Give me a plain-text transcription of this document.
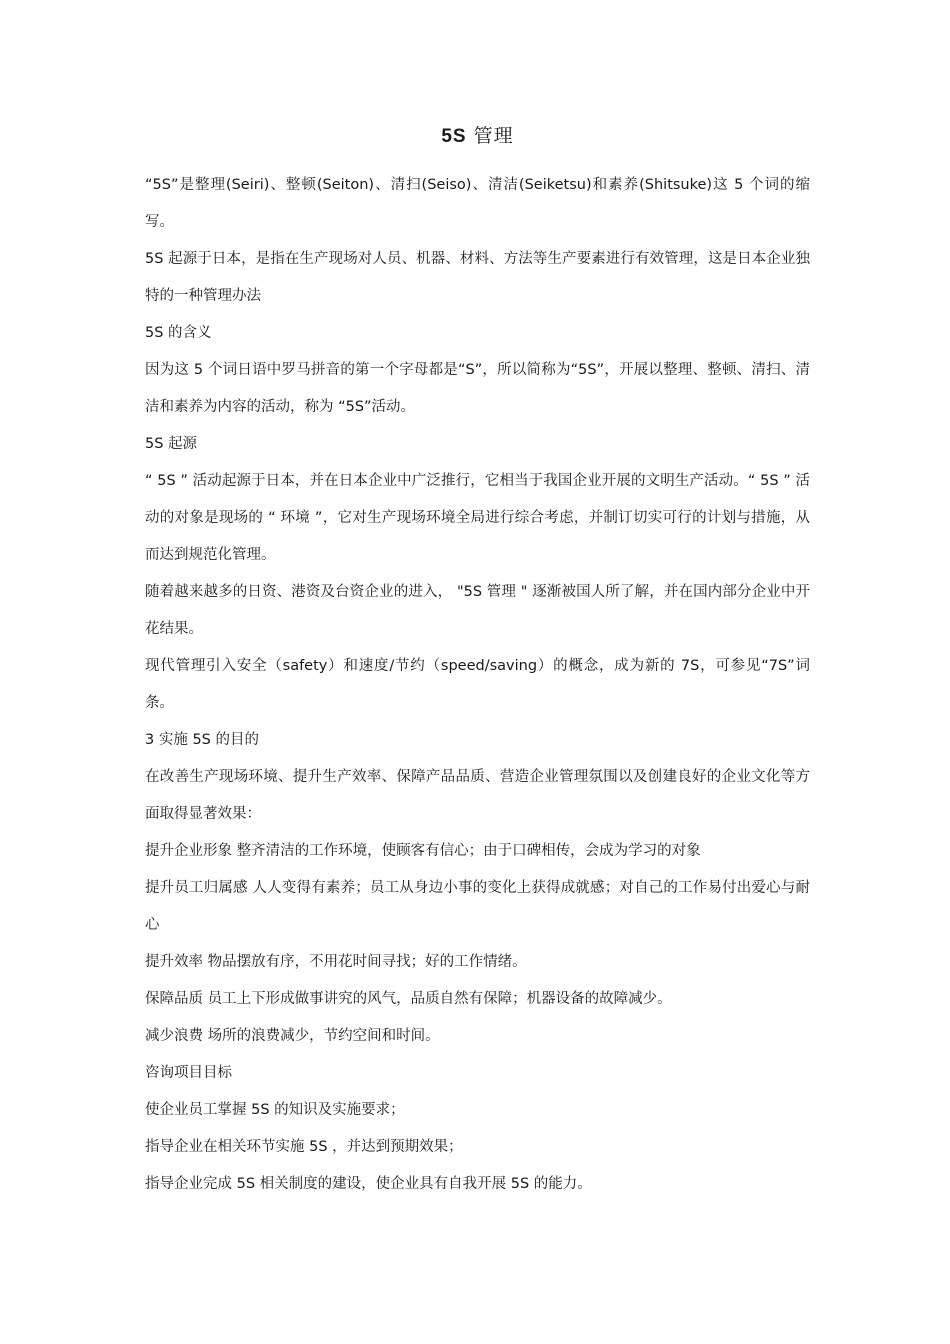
5S 管理

“5S”是整理(Seiri)、整顿(Seiton)、清扫(Seiso)、清洁(Seiketsu)和素养(Shitsuke)这 5 个词的缩写。

5S 起源于日本，是指在生产现场对人员、机器、材料、方法等生产要素进行有效管理，这是日本企业独特的一种管理办法

5S 的含义

因为这 5 个词日语中罗马拼音的第一个字母都是“S”，所以简称为“5S”，开展以整理、整顿、清扫、清洁和素养为内容的活动，称为 “5S”活动。

5S 起源

“ 5S ” 活动起源于日本，并在日本企业中广泛推行，它相当于我国企业开展的文明生产活动。“ 5S ” 活动的对象是现场的 “ 环境 ”，它对生产现场环境全局进行综合考虑，并制订切实可行的计划与措施，从而达到规范化管理。

随着越来越多的日资、港资及台资企业的进入， "5S 管理 " 逐渐被国人所了解，并在国内部分企业中开花结果。

现代管理引入安全（safety）和速度/节约（speed/saving）的概念，成为新的 7S，可参见“7S”词条。

3 实施 5S 的目的

在改善生产现场环境、提升生产效率、保障产品品质、营造企业管理氛围以及创建良好的企业文化等方面取得显著效果：

提升企业形象 整齐清洁的工作环境，使顾客有信心；由于口碑相传，会成为学习的对象

提升员工归属感 人人变得有素养；员工从身边小事的变化上获得成就感；对自己的工作易付出爱心与耐心

提升效率 物品摆放有序，不用花时间寻找；好的工作情绪。

保障品质 员工上下形成做事讲究的风气，品质自然有保障；机器设备的故障减少。

减少浪费 场所的浪费减少，节约空间和时间。

咨询项目目标

使企业员工掌握 5S 的知识及实施要求；

指导企业在相关环节实施 5S ，并达到预期效果；

指导企业完成 5S 相关制度的建设，使企业具有自我开展 5S 的能力。
